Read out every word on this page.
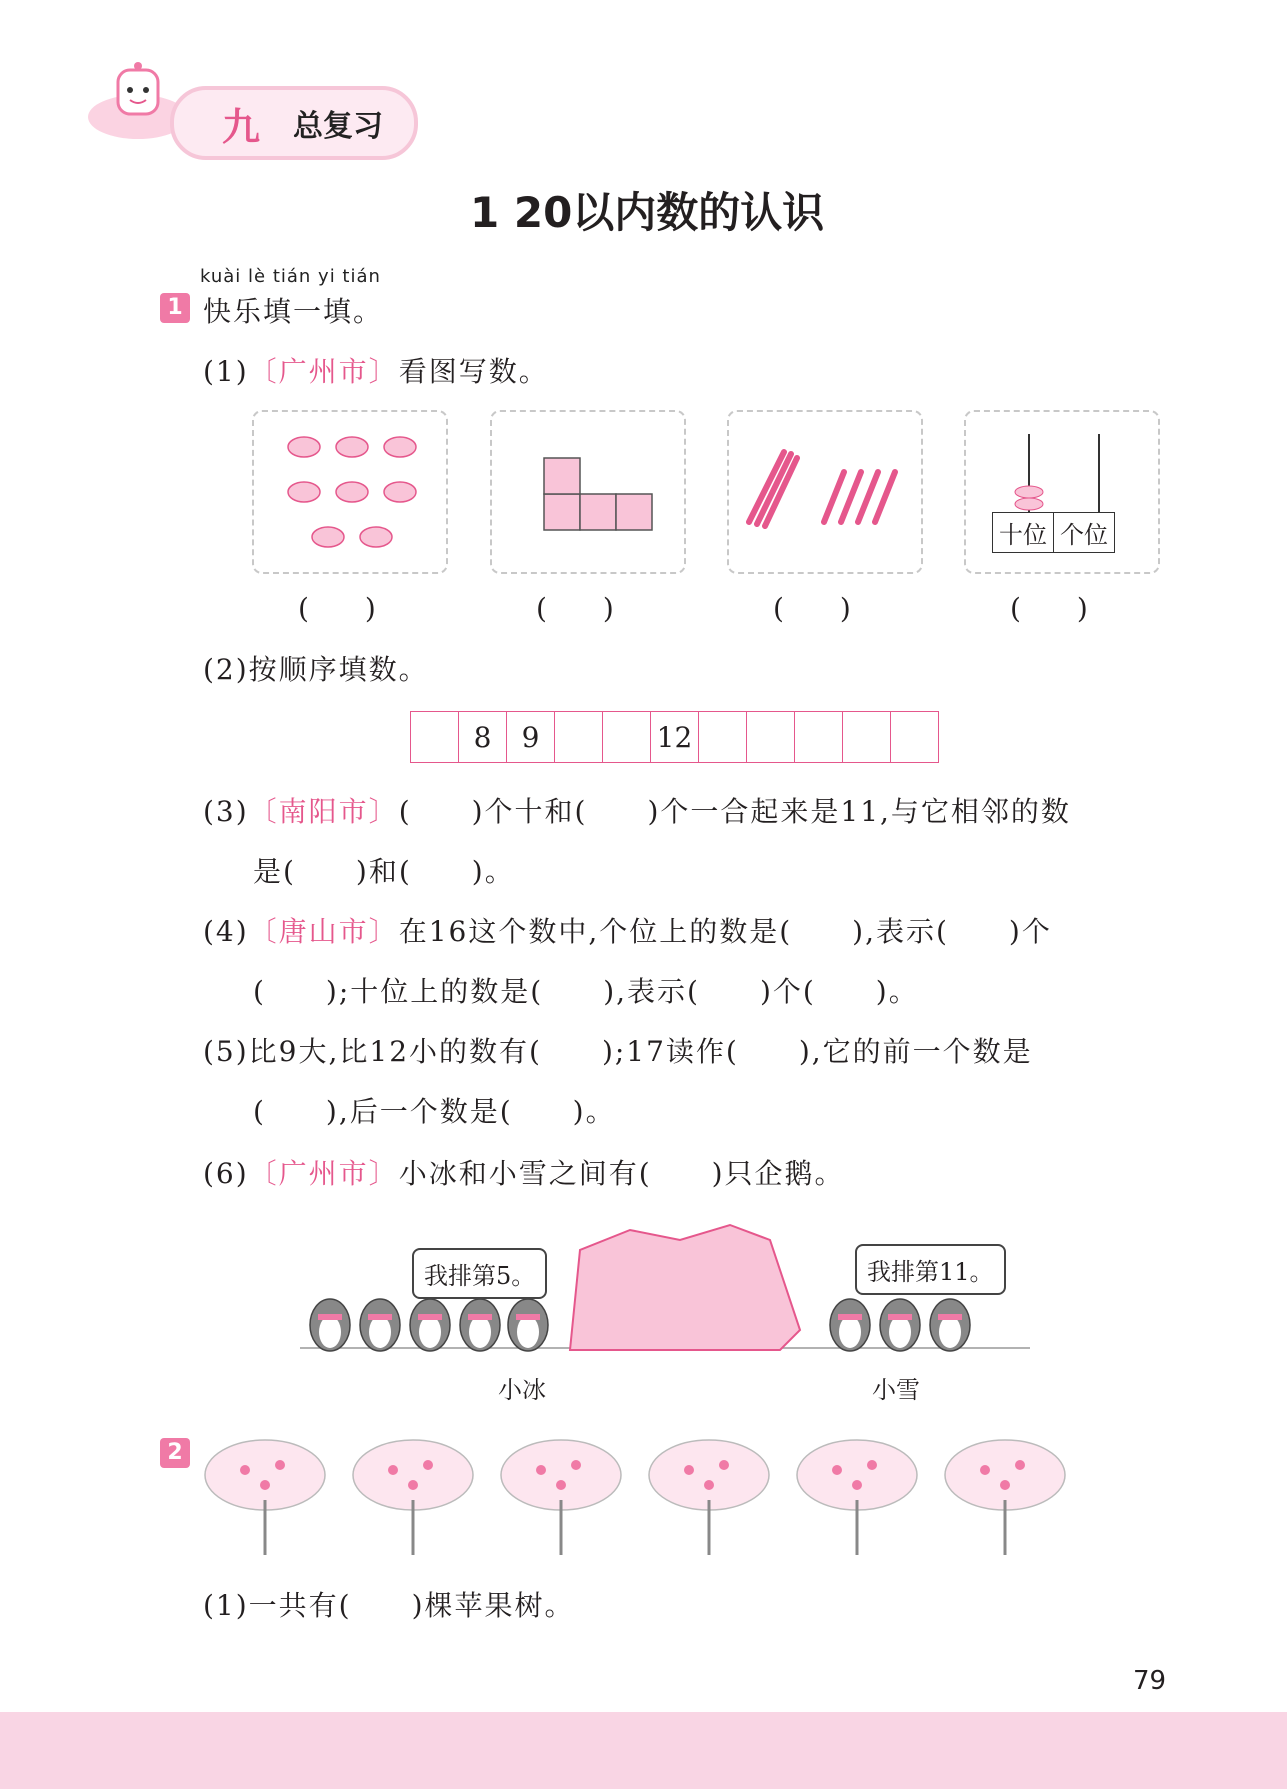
九 总复习
1 20以内数的认识
kuài lè tián yi tián
1 快乐填一填。
(1)〔广州市〕看图写数。
十位 个位
(　　)	(　　)	(　　)	(　　)
(2)按顺序填数。
	8	9			12					
(3)〔南阳市〕(　　)个十和(　　)个一合起来是11,与它相邻的数
是(　　)和(　　)。
(4)〔唐山市〕在16这个数中,个位上的数是(　　),表示(　　)个
(　　);十位上的数是(　　),表示(　　)个(　　)。
(5)比9大,比12小的数有(　　);17读作(　　),它的前一个数是
(　　),后一个数是(　　)。
(6)〔广州市〕小冰和小雪之间有(　　)只企鹅。
我排第5。	我排第11。
小冰	小雪
2
(1)一共有(　　)棵苹果树。
79
